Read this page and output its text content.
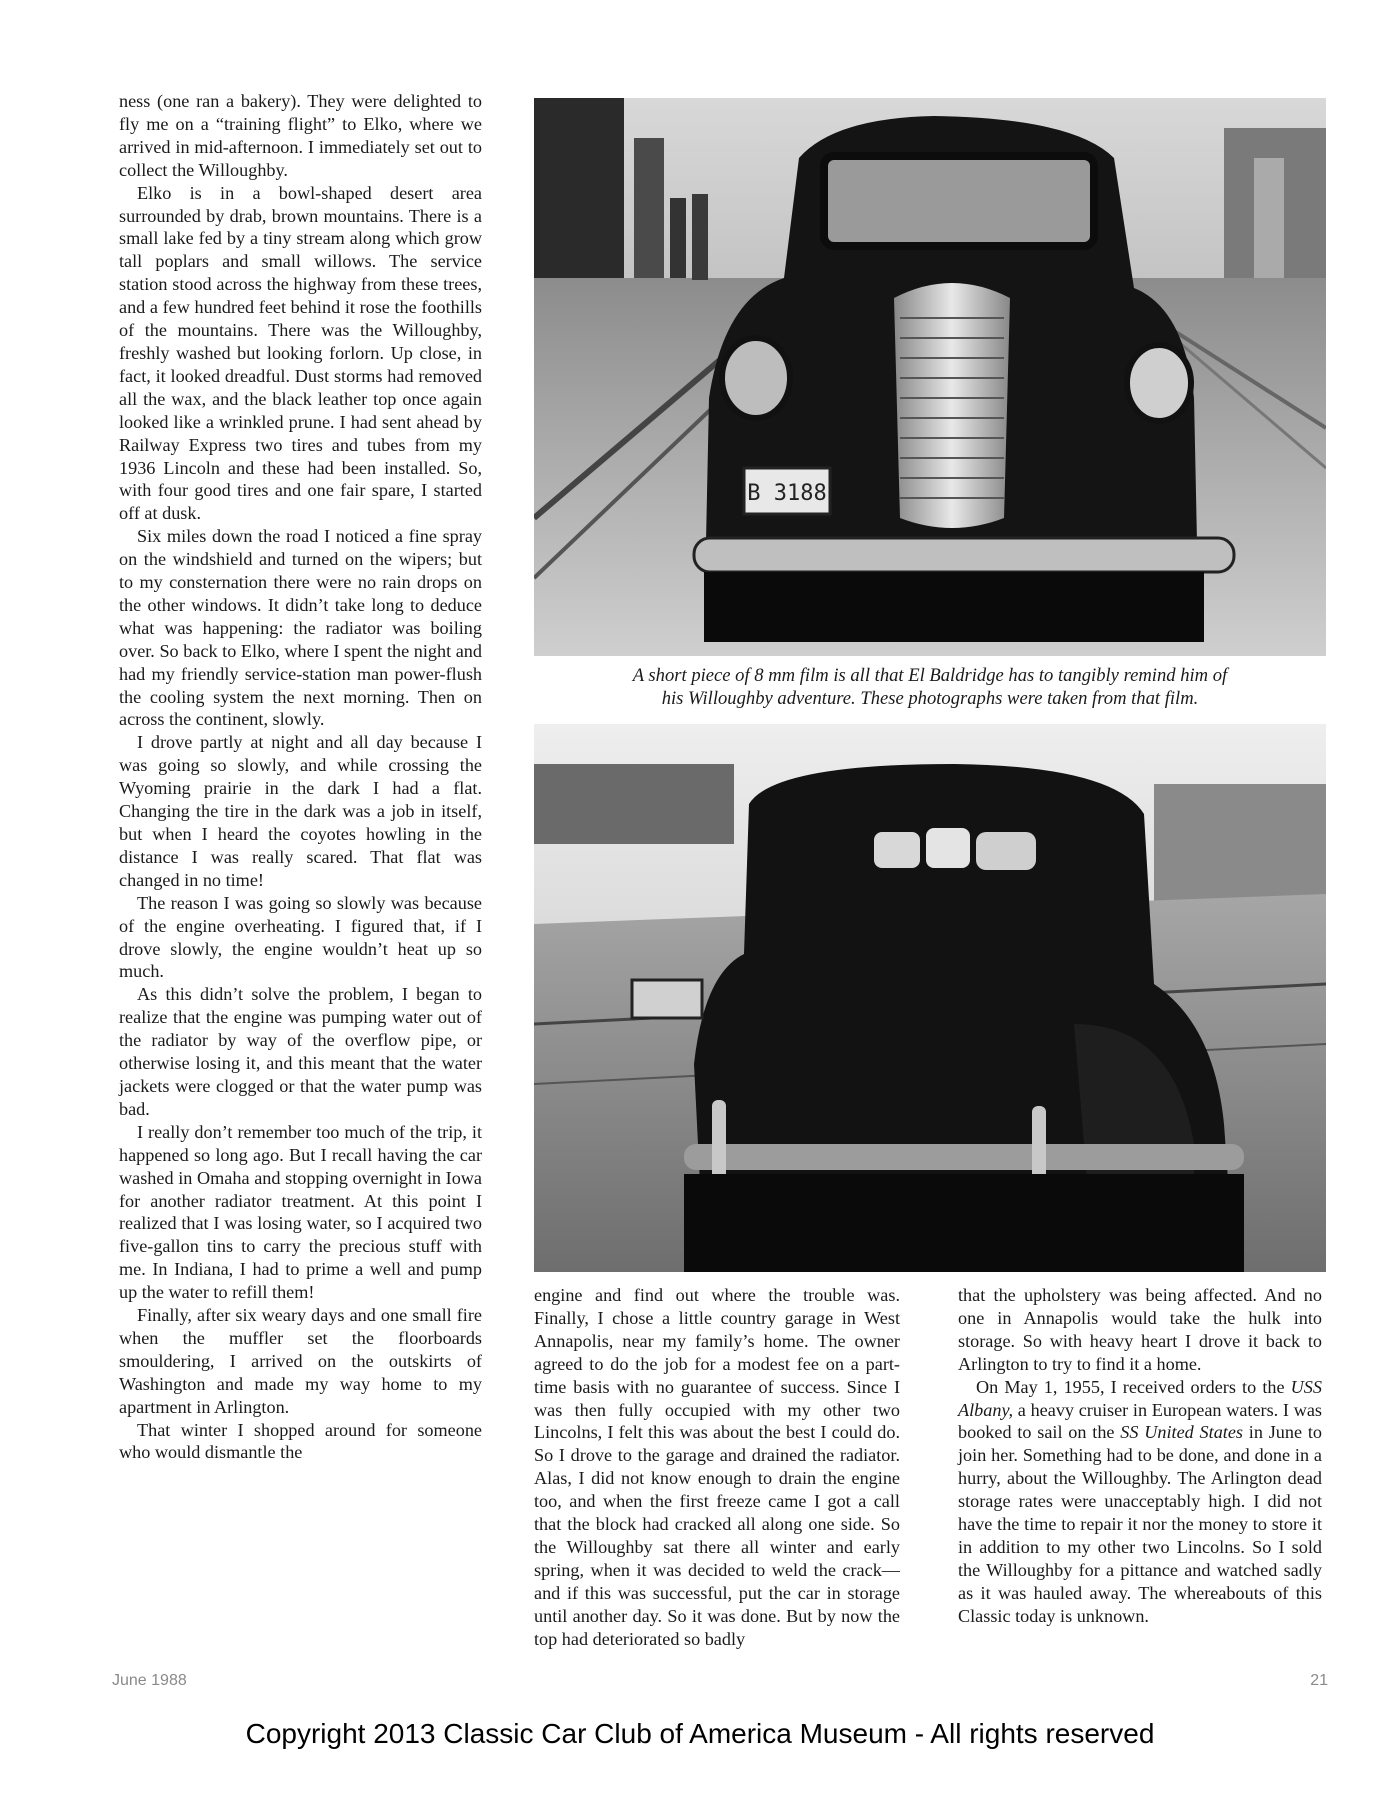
ness (one ran a bakery). They were delighted to fly me on a “training flight” to Elko, where we arrived in mid-afternoon. I immediately set out to collect the Willoughby.

Elko is in a bowl-shaped desert area surrounded by drab, brown mountains. There is a small lake fed by a tiny stream along which grow tall poplars and small willows. The service station stood across the highway from these trees, and a few hundred feet behind it rose the foothills of the mountains. There was the Willoughby, freshly washed but looking forlorn. Up close, in fact, it looked dreadful. Dust storms had removed all the wax, and the black leather top once again looked like a wrinkled prune. I had sent ahead by Railway Express two tires and tubes from my 1936 Lincoln and these had been installed. So, with four good tires and one fair spare, I started off at dusk.

Six miles down the road I noticed a fine spray on the windshield and turned on the wipers; but to my consternation there were no rain drops on the other windows. It didn’t take long to deduce what was happening: the radiator was boiling over. So back to Elko, where I spent the night and had my friendly service-station man power-flush the cooling system the next morning. Then on across the continent, slowly.

I drove partly at night and all day because I was going so slowly, and while crossing the Wyoming prairie in the dark I had a flat. Changing the tire in the dark was a job in itself, but when I heard the coyotes howling in the distance I was really scared. That flat was changed in no time!

The reason I was going so slowly was because of the engine overheating. I figured that, if I drove slowly, the engine wouldn’t heat up so much.

As this didn’t solve the problem, I began to realize that the engine was pumping water out of the radiator by way of the overflow pipe, or otherwise losing it, and this meant that the water jackets were clogged or that the water pump was bad.

I really don’t remember too much of the trip, it happened so long ago. But I recall having the car washed in Omaha and stopping overnight in Iowa for another radiator treatment. At this point I realized that I was losing water, so I acquired two five-gallon tins to carry the precious stuff with me. In Indiana, I had to prime a well and pump up the water to refill them!

Finally, after six weary days and one small fire when the muffler set the floorboards smouldering, I arrived on the outskirts of Washington and made my way home to my apartment in Arlington.

That winter I shopped around for someone who would dismantle the

B 3188
A short piece of 8 mm film is all that El Baldridge has to tangibly remind him of
his Willoughby adventure. These photographs were taken from that film.

engine and find out where the trouble was. Finally, I chose a little country garage in West Annapolis, near my family’s home. The owner agreed to do the job for a modest fee on a part-time basis with no guarantee of success. Since I was then fully occupied with my other two Lincolns, I felt this was about the best I could do. So I drove to the garage and drained the radiator. Alas, I did not know enough to drain the engine too, and when the first freeze came I got a call that the block had cracked all along one side. So the Willoughby sat there all winter and early spring, when it was decided to weld the crack—and if this was successful, put the car in storage until another day. So it was done. But by now the top had deteriorated so badly

that the upholstery was being affected. And no one in Annapolis would take the hulk into storage. So with heavy heart I drove it back to Arlington to try to find it a home.

On May 1, 1955, I received orders to the USS Albany, a heavy cruiser in European waters. I was booked to sail on the SS United States in June to join her. Something had to be done, and done in a hurry, about the Willoughby. The Arlington dead storage rates were unacceptably high. I did not have the time to repair it nor the money to store it in addition to my other two Lincolns. So I sold the Willoughby for a pittance and watched sadly as it was hauled away. The whereabouts of this Classic today is unknown.

June 1988	21
Copyright 2013 Classic Car Club of America Museum - All rights reserved
